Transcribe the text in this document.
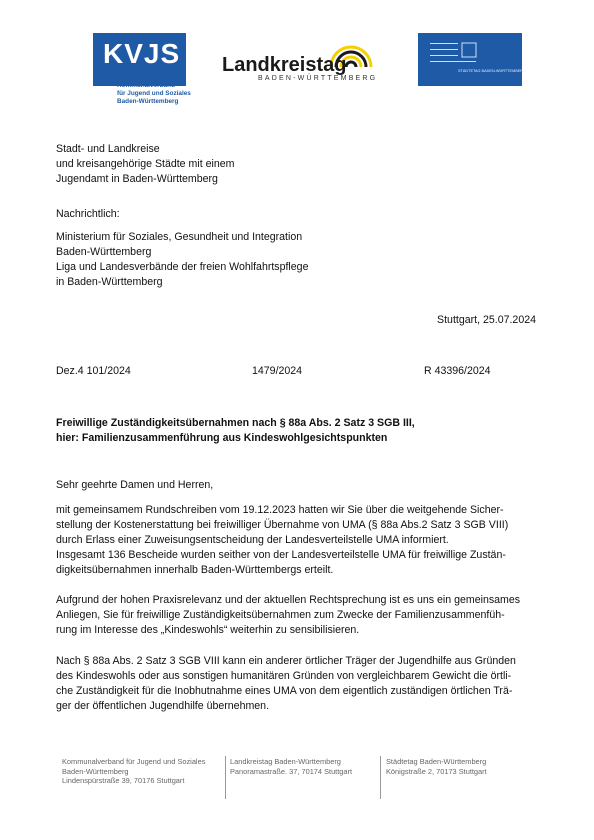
KVJS
Kommunalverband
für Jugend und Soziales
Baden-Württemberg
Landkreistag
BADEN-WÜRTTEMBERG
STÄDTETAG BADEN-WÜRTTEMBERG
Stadt- und Landkreise
und kreisangehörige Städte mit einem
Jugendamt in Baden-Württemberg
Nachrichtlich:
Ministerium für Soziales, Gesundheit und Integration
Baden-Württemberg
Liga und Landesverbände der freien Wohlfahrtspflege
in Baden-Württemberg
Stuttgart, 25.07.2024
Dez.4 101/2024	1479/2024	R 43396/2024
Freiwillige Zuständigkeitsübernahmen nach § 88a Abs. 2 Satz 3 SGB III,
hier: Familienzusammenführung aus Kindeswohlgesichtspunkten
Sehr geehrte Damen und Herren,
mit gemeinsamem Rundschreiben vom 19.12.2023 hatten wir Sie über die weitgehende Sicher-
stellung der Kostenerstattung bei freiwilliger Übernahme von UMA (§ 88a Abs.2 Satz 3 SGB VIII)
durch Erlass einer Zuweisungsentscheidung der Landesverteilstelle UMA informiert.
Insgesamt 136 Bescheide wurden seither von der Landesverteilstelle UMA für freiwillige Zustän-
digkeitsübernahmen innerhalb Baden-Württembergs erteilt.
Aufgrund der hohen Praxisrelevanz und der aktuellen Rechtsprechung ist es uns ein gemeinsames
Anliegen, Sie für freiwillige Zuständigkeitsübernahmen zum Zwecke der Familienzusammenfüh-
rung im Interesse des „Kindeswohls“ weiterhin zu sensibilisieren.
Nach § 88a Abs. 2 Satz 3 SGB VIII kann ein anderer örtlicher Träger der Jugendhilfe aus Gründen
des Kindeswohls oder aus sonstigen humanitären Gründen von vergleichbarem Gewicht die örtli-
che Zuständigkeit für die Inobhutnahme eines UMA von dem eigentlich zuständigen örtlichen Trä-
ger der öffentlichen Jugendhilfe übernehmen.
Kommunalverband für Jugend und Soziales
Baden-Württemberg
Lindenspürstraße 39, 70176 Stuttgart
Landkreistag Baden-Württemberg
Panoramastraße. 37, 70174 Stuttgart
Städtetag Baden-Württemberg
Königstraße 2, 70173 Stuttgart
